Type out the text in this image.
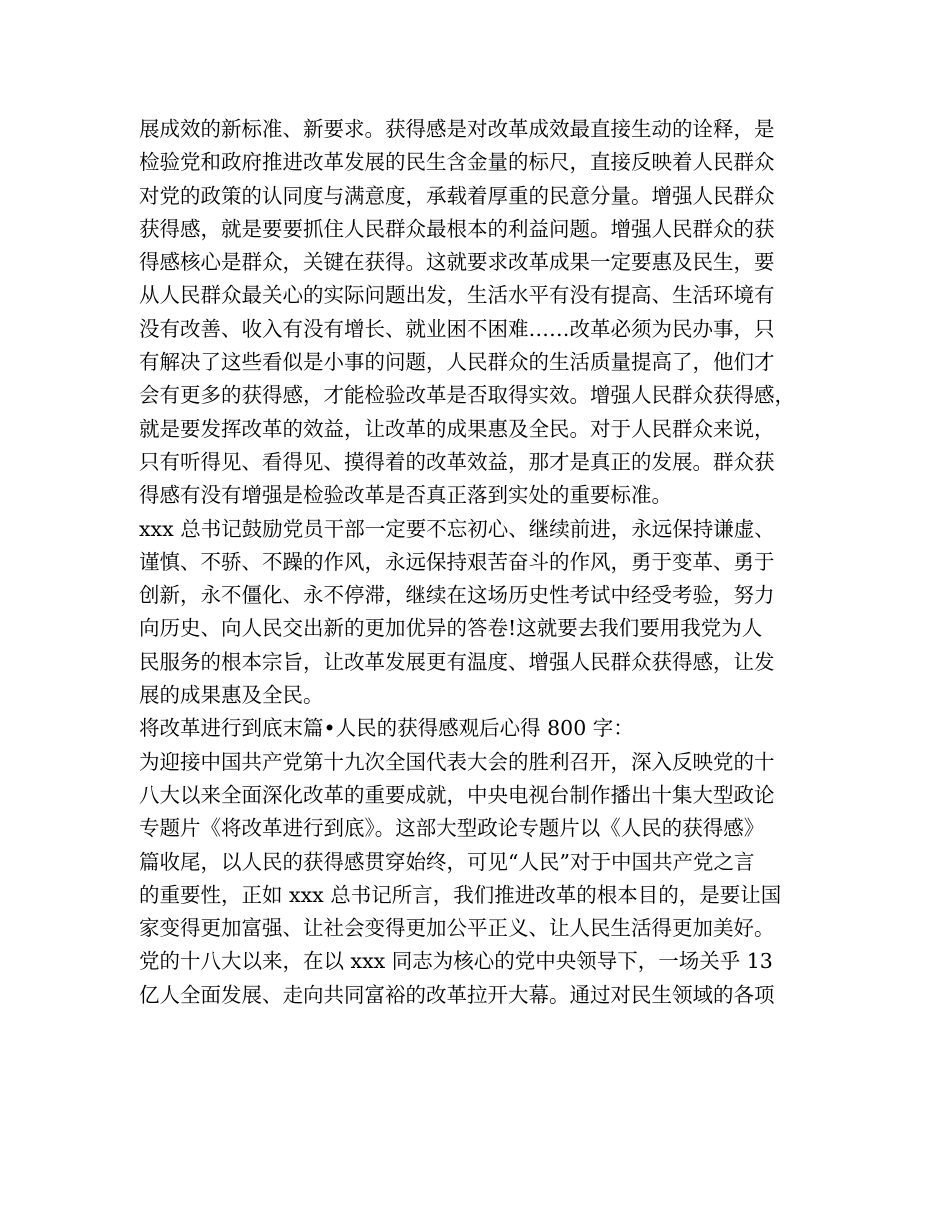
展成效的新标准、新要求。获得感是对改革成效最直接生动的诠释，是
检验党和政府推进改革发展的民生含金量的标尺，直接反映着人民群众
对党的政策的认同度与满意度，承载着厚重的民意分量。增强人民群众
获得感，就是要要抓住人民群众最根本的利益问题。增强人民群众的获
得感核心是群众，关键在获得。这就要求改革成果一定要惠及民生，要
从人民群众最关心的实际问题出发，生活水平有没有提高、生活环境有
没有改善、收入有没有增长、就业困不困难……改革必须为民办事，只
有解决了这些看似是小事的问题，人民群众的生活质量提高了，他们才
会有更多的获得感，才能检验改革是否取得实效。增强人民群众获得感，
就是要发挥改革的效益，让改革的成果惠及全民。对于人民群众来说，
只有听得见、看得见、摸得着的改革效益，那才是真正的发展。群众获
得感有没有增强是检验改革是否真正落到实处的重要标准。
xxx 总书记鼓励党员干部一定要不忘初心、继续前进，永远保持谦虚、
谨慎、不骄、不躁的作风，永远保持艰苦奋斗的作风，勇于变革、勇于
创新，永不僵化、永不停滞，继续在这场历史性考试中经受考验，努力
向历史、向人民交出新的更加优异的答卷!这就要去我们要用我党为人
民服务的根本宗旨，让改革发展更有温度、增强人民群众获得感，让发
展的成果惠及全民。
将改革进行到底末篇•人民的获得感观后心得 800 字：
为迎接中国共产党第十九次全国代表大会的胜利召开，深入反映党的十
八大以来全面深化改革的重要成就，中央电视台制作播出十集大型政论
专题片《将改革进行到底》。这部大型政论专题片以《人民的获得感》
篇收尾，以人民的获得感贯穿始终，可见“人民”对于中国共产党之言
的重要性，正如 xxx 总书记所言，我们推进改革的根本目的，是要让国
家变得更加富强、让社会变得更加公平正义、让人民生活得更加美好。
党的十八大以来，在以 xxx 同志为核心的党中央领导下，一场关乎 13
亿人全面发展、走向共同富裕的改革拉开大幕。通过对民生领域的各项
